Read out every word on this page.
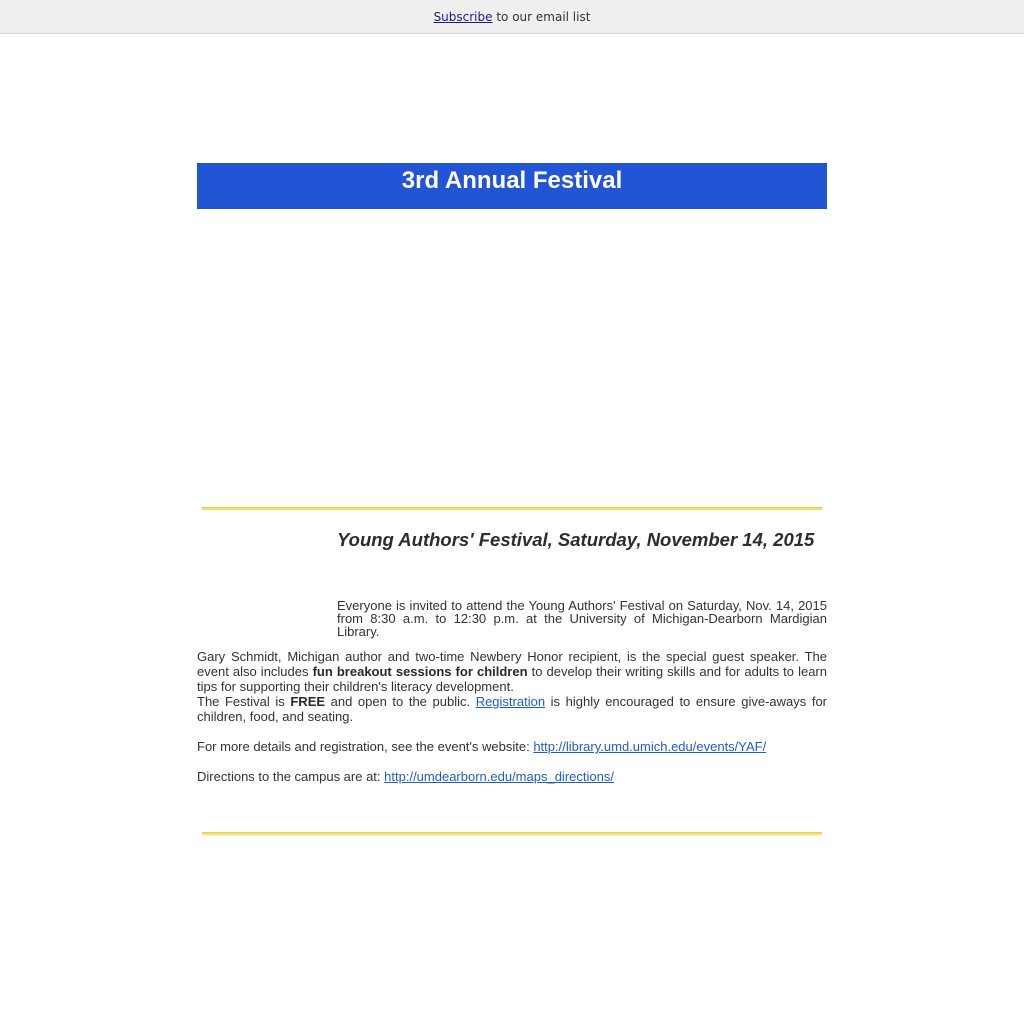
Subscribe to our email list
3rd Annual Festival
Young Authors' Festival, Saturday, November 14, 2015

Everyone is invited to attend the Young Authors' Festival on Saturday, Nov. 14, 2015 from 8:30 a.m. to 12:30 p.m. at the University of Michigan-Dearborn Mardigian Library.

Gary Schmidt, Michigan author and two-time Newbery Honor recipient, is the special guest speaker. The event also includes fun breakout sessions for children to develop their writing skills and for adults to learn tips for supporting their children's literacy development.

The Festival is FREE and open to the public. Registration is highly encouraged to ensure give-aways for children, food, and seating.

For more details and registration, see the event's website: http://library.umd.umich.edu/events/YAF/

Directions to the campus are at: http://umdearborn.edu/maps_directions/
